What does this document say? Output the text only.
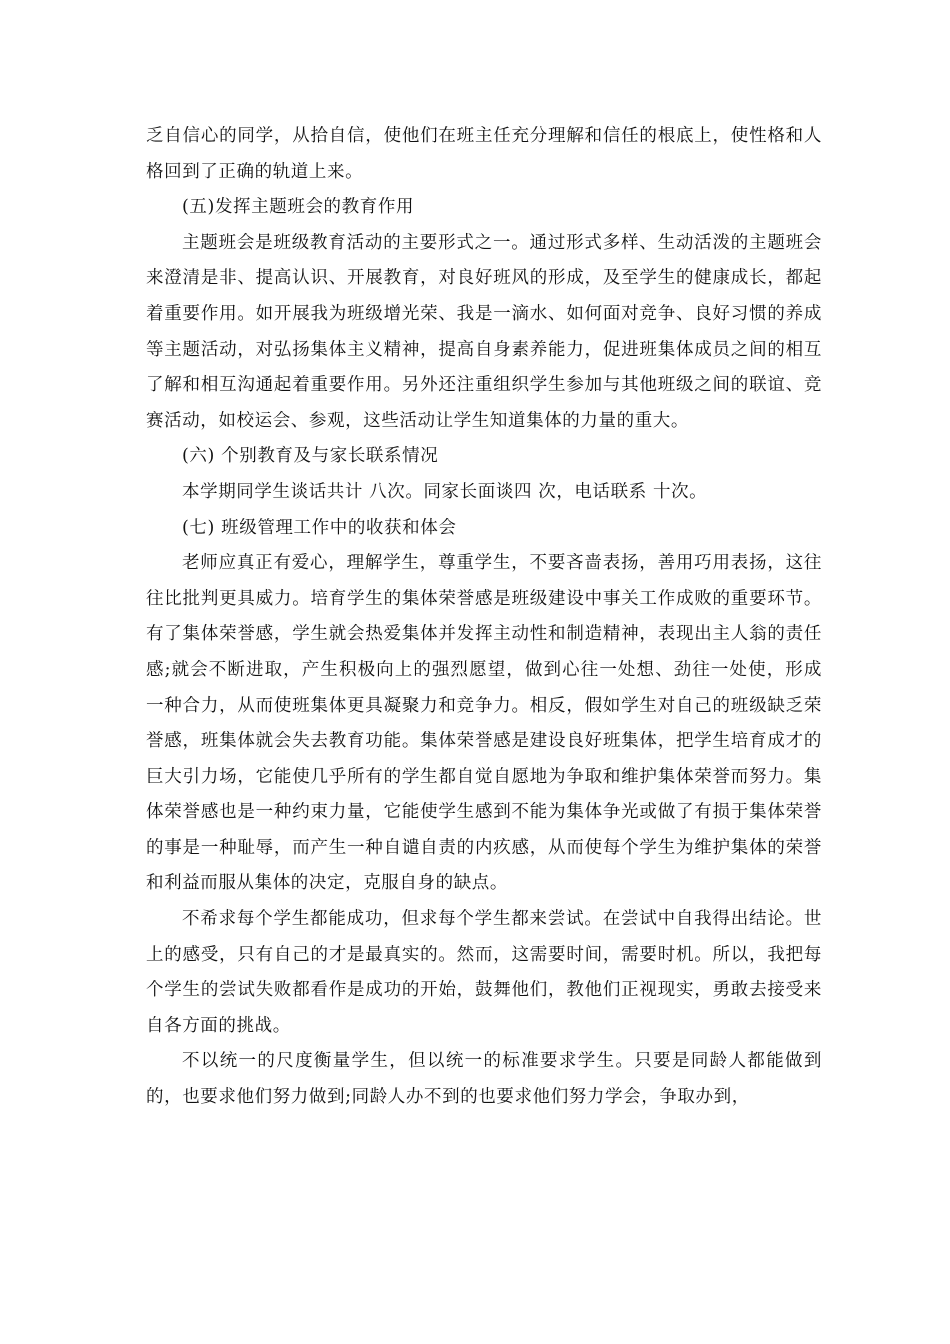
乏自信心的同学，从拾自信，使他们在班主任充分理解和信任的根底上，使性格和人格回到了正确的轨道上来。

(五)发挥主题班会的教育作用

主题班会是班级教育活动的主要形式之一。通过形式多样、生动活泼的主题班会来澄清是非、提高认识、开展教育，对良好班风的形成，及至学生的健康成长，都起着重要作用。如开展我为班级增光荣、我是一滴水、如何面对竞争、良好习惯的养成等主题活动，对弘扬集体主义精神，提高自身素养能力，促进班集体成员之间的相互了解和相互沟通起着重要作用。另外还注重组织学生参加与其他班级之间的联谊、竞赛活动，如校运会、参观，这些活动让学生知道集体的力量的重大。

(六) 个别教育及与家长联系情况

本学期同学生谈话共计 八次。同家长面谈四 次，电话联系 十次。

(七) 班级管理工作中的收获和体会

老师应真正有爱心，理解学生，尊重学生，不要吝啬表扬，善用巧用表扬，这往往比批判更具威力。培育学生的集体荣誉感是班级建设中事关工作成败的重要环节。有了集体荣誉感，学生就会热爱集体并发挥主动性和制造精神，表现出主人翁的责任感;就会不断进取，产生积极向上的强烈愿望，做到心往一处想、劲往一处使，形成一种合力，从而使班集体更具凝聚力和竞争力。相反，假如学生对自己的班级缺乏荣誉感，班集体就会失去教育功能。集体荣誉感是建设良好班集体，把学生培育成才的巨大引力场，它能使几乎所有的学生都自觉自愿地为争取和维护集体荣誉而努力。集体荣誉感也是一种约束力量，它能使学生感到不能为集体争光或做了有损于集体荣誉的事是一种耻辱，而产生一种自谴自责的内疚感，从而使每个学生为维护集体的荣誉和利益而服从集体的决定，克服自身的缺点。

不希求每个学生都能成功，但求每个学生都来尝试。在尝试中自我得出结论。世上的感受，只有自己的才是最真实的。然而，这需要时间，需要时机。所以，我把每个学生的尝试失败都看作是成功的开始，鼓舞他们，教他们正视现实，勇敢去接受来自各方面的挑战。

不以统一的尺度衡量学生，但以统一的标准要求学生。只要是同龄人都能做到的，也要求他们努力做到;同龄人办不到的也要求他们努力学会，争取办到，
